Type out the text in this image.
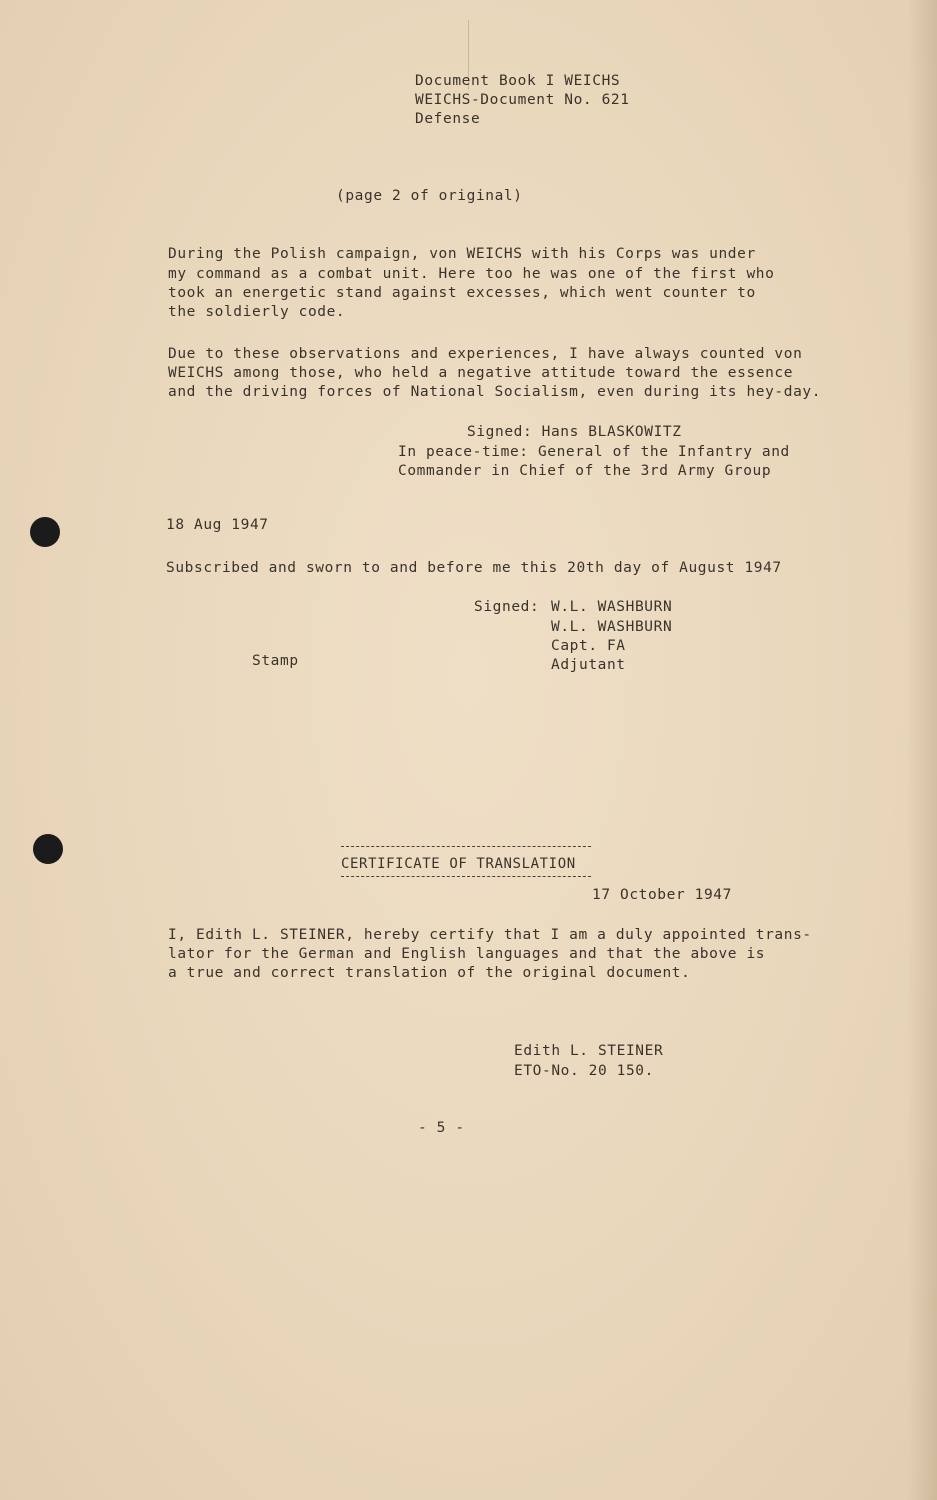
Document Book I WEICHS
WEICHS-Document No. 621
Defense
(page 2 of original)
During the Polish campaign, von WEICHS with his Corps was under
my command as a combat unit. Here too he was one of the first who
took an energetic stand against excesses, which went counter to
the soldierly code.
Due to these observations and experiences, I have always counted von
WEICHS among those, who held a negative attitude toward the essence
and the driving forces of National Socialism, even during its hey-day.
Signed: Hans BLASKOWITZ
In peace-time: General of the Infantry and
Commander in Chief of the 3rd Army Group
18 Aug 1947
Subscribed and sworn to and before me this 20th day of August 1947
Signed: W.L. WASHBURN
W.L. WASHBURN
Capt. FA
Adjutant
Stamp
CERTIFICATE OF TRANSLATION
17 October 1947
I, Edith L. STEINER, hereby certify that I am a duly appointed trans-
lator for the German and English languages and that the above is
a true and correct translation of the original document.
Edith L. STEINER
ETO-No. 20 150.
- 5 -
